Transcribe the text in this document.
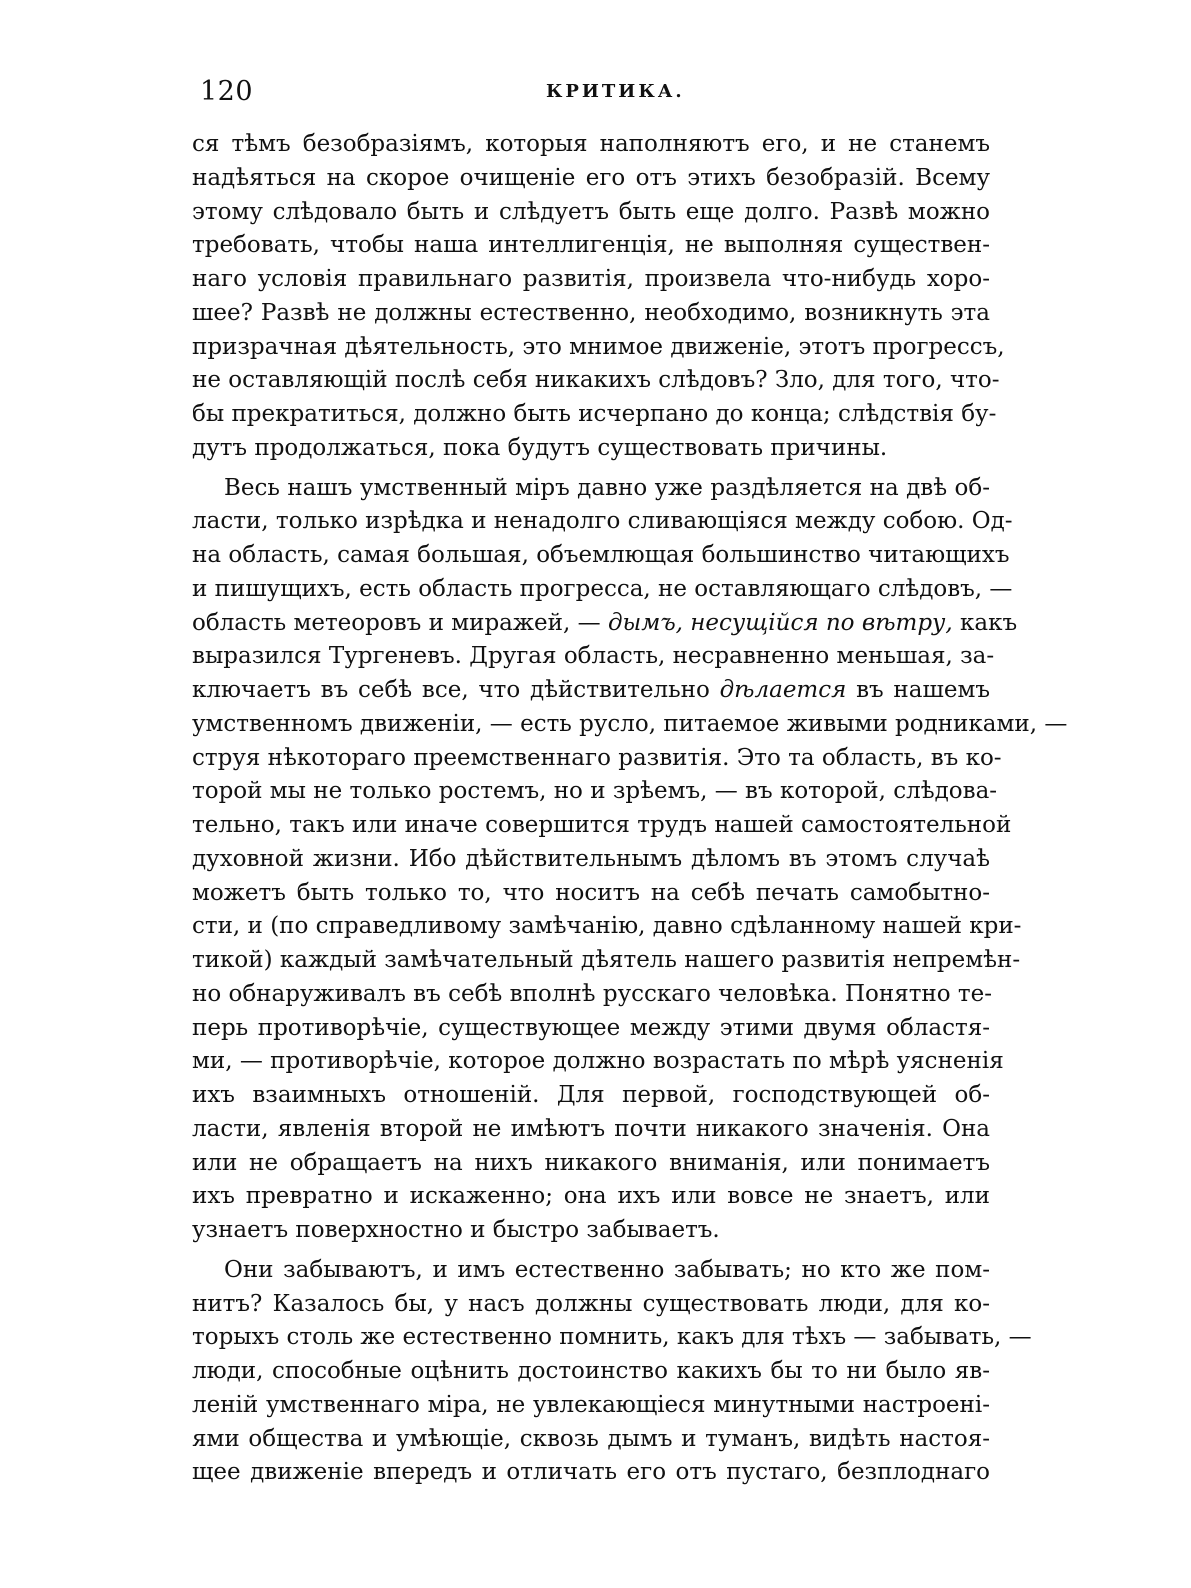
120	КРИТИКА.
ся тѣмъ безобразіямъ, которыя наполняютъ его, и не станемъ
надѣяться на скорое очищеніе его отъ этихъ безобразій. Всему
этому слѣдовало быть и слѣдуетъ быть еще долго. Развѣ можно
требовать, чтобы наша интеллигенція, не выполняя существен-
наго условія правильнаго развитія, произвела что-нибудь хоро-
шее? Развѣ не должны естественно, необходимо, возникнуть эта
призрачная дѣятельность, это мнимое движеніе, этотъ прогрессъ,
не оставляющій послѣ себя никакихъ слѣдовъ? Зло, для того, что-
бы прекратиться, должно быть исчерпано до конца; слѣдствія бу-
дутъ продолжаться, пока будутъ существовать причины.
Весь нашъ умственный міръ давно уже раздѣляется на двѣ об-
ласти, только изрѣдка и ненадолго сливающіяся между собою. Од-
на область, самая большая, объемлющая большинство читающихъ
и пишущихъ, есть область прогресса, не оставляющаго слѣдовъ, —
область метеоровъ и миражей, — дымъ, несущійся по вѣтру, какъ
выразился Тургеневъ. Другая область, несравненно меньшая, за-
ключаетъ въ себѣ все, что дѣйствительно дѣлается въ нашемъ
умственномъ движеніи, — есть русло, питаемое живыми родниками, —
струя нѣкотораго преемственнаго развитія. Это та область, въ ко-
торой мы не только ростемъ, но и зрѣемъ, — въ которой, слѣдова-
тельно, такъ или иначе совершится трудъ нашей самостоятельной
духовной жизни. Ибо дѣйствительнымъ дѣломъ въ этомъ случаѣ
можетъ быть только то, что носитъ на себѣ печать самобытно-
сти, и (по справедливому замѣчанію, давно сдѣланному нашей кри-
тикой) каждый замѣчательный дѣятель нашего развитія непремѣн-
но обнаруживалъ въ себѣ вполнѣ русскаго человѣка. Понятно те-
перь противорѣчіе, существующее между этими двумя областя-
ми, — противорѣчіе, которое должно возрастать по мѣрѣ уясненія
ихъ взаимныхъ отношеній. Для первой, господствующей об-
ласти, явленія второй не имѣютъ почти никакого значенія. Она
или не обращаетъ на нихъ никакого вниманія, или понимаетъ
ихъ превратно и искаженно; она ихъ или вовсе не знаетъ, или
узнаетъ поверхностно и быстро забываетъ.
Они забываютъ, и имъ естественно забывать; но кто же пом-
нитъ? Казалось бы, у насъ должны существовать люди, для ко-
торыхъ столь же естественно помнить, какъ для тѣхъ — забывать, —
люди, способные оцѣнить достоинство какихъ бы то ни было яв-
леній умственнаго міра, не увлекающіеся минутными настроені-
ями общества и умѣющіе, сквозь дымъ и туманъ, видѣть настоя-
щее движеніе впередъ и отличать его отъ пустаго, безплоднаго
